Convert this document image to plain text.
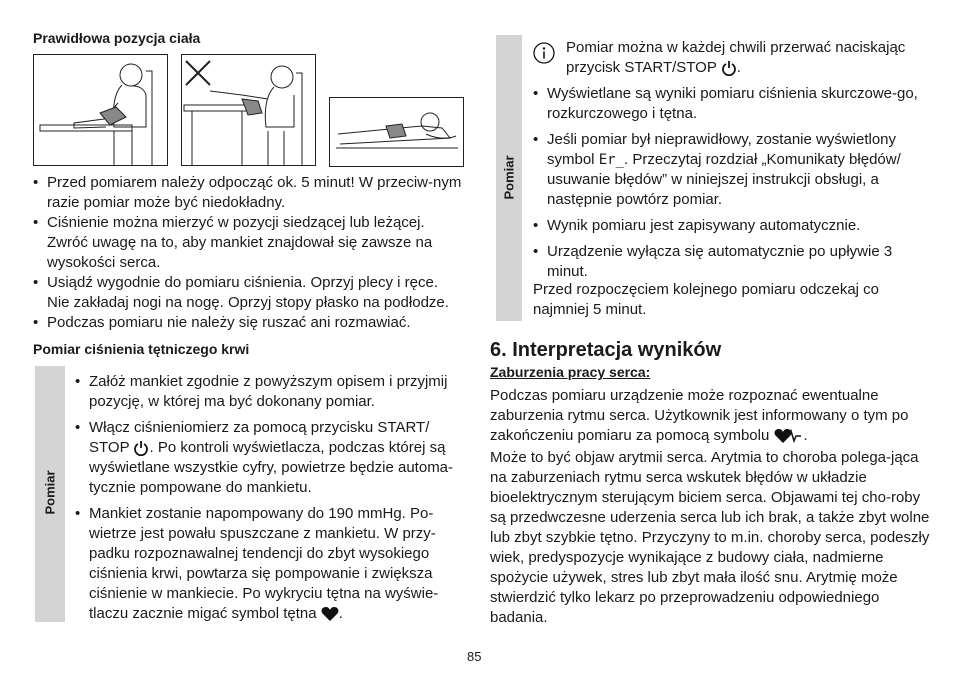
Prawidłowa pozycja ciała
• Przed pomiarem należy odpocząć ok. 5 minut! W przeciw-nym razie pomiar może być niedokładny.
• Ciśnienie można mierzyć w pozycji siedzącej lub leżącej. Zwróć uwagę na to, aby mankiet znajdował się zawsze na wysokości serca.
• Usiądź wygodnie do pomiaru ciśnienia. Oprzyj plecy i ręce. Nie zakładaj nogi na nogę. Oprzyj stopy płasko na podłodze.
• Podczas pomiaru nie należy się ruszać ani rozmawiać.
Pomiar ciśnienia tętniczego krwi
Pomiar
• Załóż mankiet zgodnie z powyższym opisem i przyjmij pozycję, w której ma być dokonany pomiar.
• Włącz ciśnieniomierz za pomocą przycisku START/ STOP . Po kontroli wyświetlacza, podczas której są wyświetlane wszystkie cyfry, powietrze będzie automa-tycznie pompowane do mankietu.
• Mankiet zostanie napompowany do 190 mmHg. Po-wietrze jest powału spuszczane z mankietu. W przy-padku rozpoznawalnej tendencji do zbyt wysokiego ciśnienia krwi, powtarza się pompowanie i zwiększa ciśnienie w mankiecie. Po wykryciu tętna na wyświe-tlaczu zacznie migać symbol tętna .
Pomiar
Pomiar można w każdej chwili przerwać naciskając przycisk START/STOP .
• Wyświetlane są wyniki pomiaru ciśnienia skurczowe-go, rozkurczowego i tętna.
• Jeśli pomiar był nieprawidłowy, zostanie wyświetlony symbol Er_. Przeczytaj rozdział „Komunikaty błędów/ usuwanie błędów” w niniejszej instrukcji obsługi, a następnie powtórz pomiar.
• Wynik pomiaru jest zapisywany automatycznie.
• Urządzenie wyłącza się automatycznie po upływie 3 minut.
Przed rozpoczęciem kolejnego pomiaru odczekaj co najmniej 5 minut.
6. Interpretacja wyników
Zaburzenia pracy serca:
Podczas pomiaru urządzenie może rozpoznać ewentualne zaburzenia rytmu serca. Użytkownik jest informowany o tym po zakończeniu pomiaru za pomocą symbolu .
Może to być objaw arytmii serca. Arytmia to choroba polega-jąca na zaburzeniach rytmu serca wskutek błędów w układzie bioelektrycznym sterującym biciem serca. Objawami tej cho-roby są przedwczesne uderzenia serca lub ich brak, a także zbyt wolne lub zbyt szybkie tętno. Przyczyny to m.in. choroby serca, podeszły wiek, predyspozycje wynikające z budowy ciała, nadmierne spożycie używek, stres lub zbyt mała ilość snu. Arytmię może stwierdzić tylko lekarz po przeprowadzeniu odpowiedniego badania.
85
